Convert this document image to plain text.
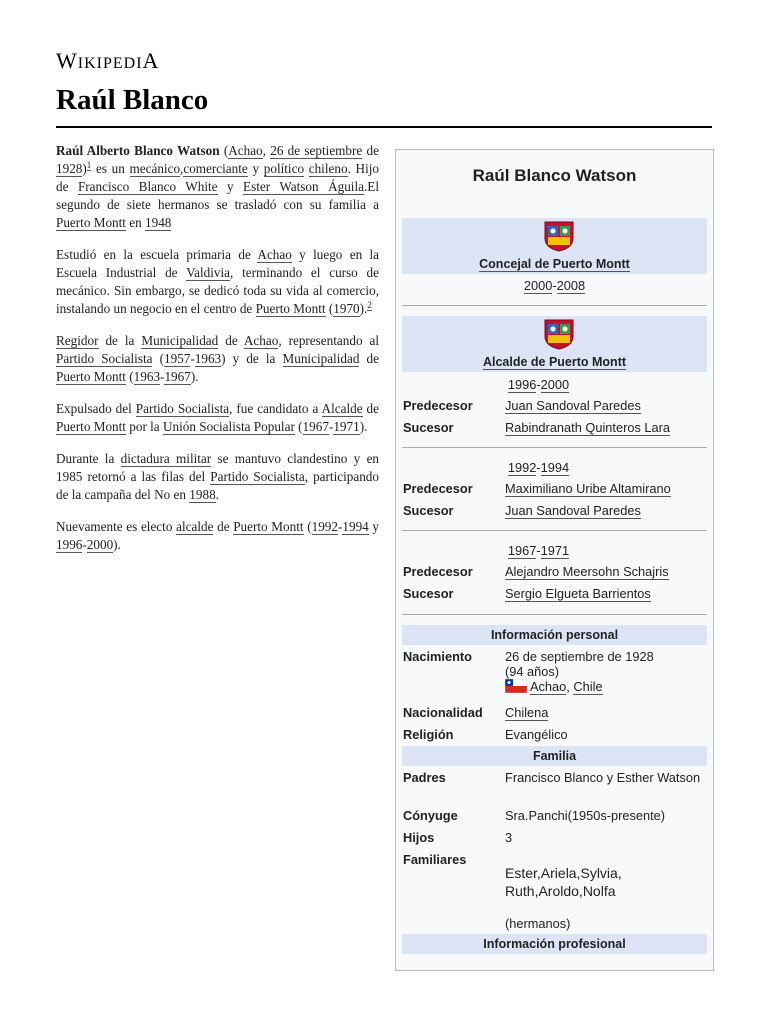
WIKIPEDIA
Raúl Blanco

Raúl Alberto Blanco Watson (Achao, 26 de septiembre de 1928)$^1$ es un mecánico,comerciante y político chileno. Hijo de Francisco Blanco White y Ester Watson Águila.El segundo de siete hermanos se trasladó con su familia a Puerto Montt en 1948

Estudió en la escuela primaria de Achao y luego en la Escuela Industrial de Valdivia, terminando el curso de mecánico. Sin embargo, se dedicó toda su vida al comercio, instalando un negocio en el centro de Puerto Montt (1970).$^2$

Regidor de la Municipalidad de Achao, representando al Partido Socialista (1957-1963) y de la Municipalidad de Puerto Montt (1963-1967).

Expulsado del Partido Socialista, fue candidato a Alcalde de Puerto Montt por la Unión Socialista Popular (1967-1971).

Durante la dictadura militar se mantuvo clandestino y en 1985 retornó a las filas del Partido Socialista, participando de la campaña del No en 1988.

Nuevamente es electo alcalde de Puerto Montt (1992-1994 y 1996-2000).

Raúl Blanco Watson
Concejal de Puerto Montt
2000-2008
Alcalde de Puerto Montt
1996-2000
Predecesor	Juan Sandoval Paredes
Sucesor	Rabindranath Quinteros Lara
1992-1994
Predecesor	Maximiliano Uribe Altamirano
Sucesor	Juan Sandoval Paredes
1967-1971
Predecesor	Alejandro Meersohn Schajris
Sucesor	Sergio Elgueta Barrientos
Información personal
Nacimiento	26 de septiembre de 1928
(94 años)
Achao, Chile
Nacionalidad Chilena
Religión	Evangélico
Familia
Padres	Francisco Blanco y Esther Watson
Cónyuge	Sra.Panchi(1950s-presente)
Hijos	3
Familiares
Ester,Ariela,Sylvia, Ruth,Aroldo,Nolfa
(hermanos)
Información profesional
